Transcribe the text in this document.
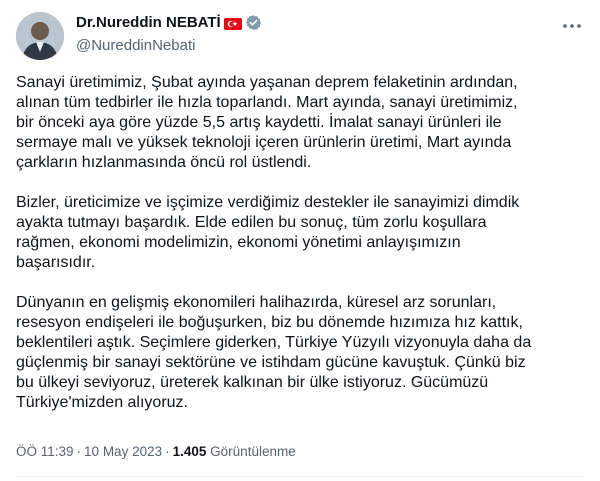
Dr.Nureddin NEBATİ
@NureddinNebati

Sanayi üretimimiz, Şubat ayında yaşanan deprem felaketinin ardından,
alınan tüm tedbirler ile hızla toparlandı. Mart ayında, sanayi üretimimiz,
bir önceki aya göre yüzde 5,5 artış kaydetti. İmalat sanayi ürünleri ile
sermaye malı ve yüksek teknoloji içeren ürünlerin üretimi, Mart ayında
çarkların hızlanmasında öncü rol üstlendi.

Bizler, üreticimize ve işçimize verdiğimiz destekler ile sanayimizi dimdik
ayakta tutmayı başardık. Elde edilen bu sonuç, tüm zorlu koşullara
rağmen, ekonomi modelimizin, ekonomi yönetimi anlayışımızın
başarısıdır.

Dünyanın en gelişmiş ekonomileri halihazırda, küresel arz sorunları,
resesyon endişeleri ile boğuşurken, biz bu dönemde hızımıza hız kattık,
beklentileri aştık. Seçimlere giderken, Türkiye Yüzyılı vizyonuyla daha da
güçlenmiş bir sanayi sektörüne ve istihdam gücüne kavuştuk. Çünkü biz
bu ülkeyi seviyoruz, üreterek kalkınan bir ülke istiyoruz. Gücümüzü
Türkiye'mizden alıyoruz.

ÖÖ 11:39 · 10 May 2023 · 1.405 Görüntülenme
